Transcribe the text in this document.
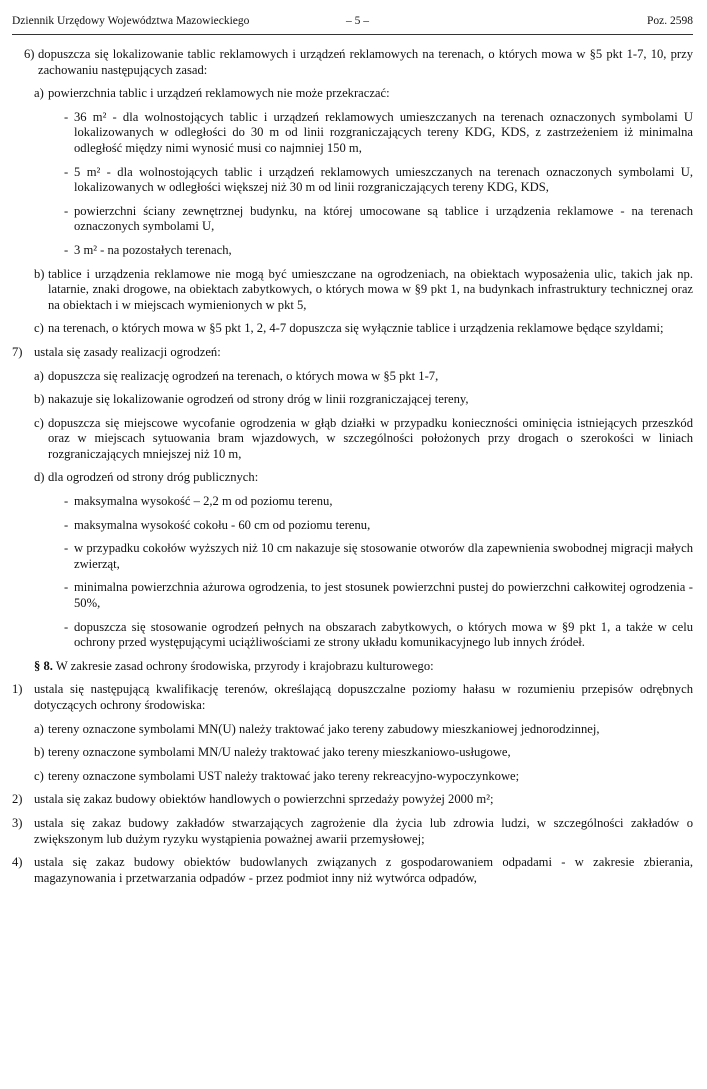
Dziennik Urzędowy Województwa Mazowieckiego	– 5 –	Poz. 2598
6) dopuszcza się lokalizowanie tablic reklamowych i urządzeń reklamowych na terenach, o których mowa w §5 pkt 1-7, 10, przy zachowaniu następujących zasad:
a) powierzchnia tablic i urządzeń reklamowych nie może przekraczać:
- 36 m² - dla wolnostojących tablic i urządzeń reklamowych umieszczanych na terenach oznaczonych symbolami U lokalizowanych w odległości do 30 m od linii rozgraniczających tereny KDG, KDS, z zastrzeżeniem iż minimalna odległość między nimi wynosić musi co najmniej 150 m,
- 5 m² - dla wolnostojących tablic i urządzeń reklamowych umieszczanych na terenach oznaczonych symbolami U, lokalizowanych w odległości większej niż 30 m od linii rozgraniczających tereny KDG, KDS,
- powierzchni ściany zewnętrznej budynku, na której umocowane są tablice i urządzenia reklamowe - na terenach oznaczonych symbolami U,
- 3 m² - na pozostałych terenach,
b) tablice i urządzenia reklamowe nie mogą być umieszczane na ogrodzeniach, na obiektach wyposażenia ulic, takich jak np. latarnie, znaki drogowe, na obiektach zabytkowych, o których mowa w §9 pkt 1, na budynkach infrastruktury technicznej oraz na obiektach i w miejscach wymienionych w pkt 5,
c) na terenach, o których mowa w §5 pkt 1, 2, 4-7 dopuszcza się wyłącznie tablice i urządzenia reklamowe będące szyldami;
7) ustala się zasady realizacji ogrodzeń:
a) dopuszcza się realizację ogrodzeń na terenach, o których mowa w §5 pkt 1-7,
b) nakazuje się lokalizowanie ogrodzeń od strony dróg w linii rozgraniczającej tereny,
c) dopuszcza się miejscowe wycofanie ogrodzenia w głąb działki w przypadku konieczności ominięcia istniejących przeszkód oraz w miejscach sytuowania bram wjazdowych, w szczególności położonych przy drogach o szerokości w liniach rozgraniczających mniejszej niż 10 m,
d) dla ogrodzeń od strony dróg publicznych:
- maksymalna wysokość – 2,2 m od poziomu terenu,
- maksymalna wysokość cokołu - 60 cm od poziomu terenu,
- w przypadku cokołów wyższych niż 10 cm nakazuje się stosowanie otworów dla zapewnienia swobodnej migracji małych zwierząt,
- minimalna powierzchnia ażurowa ogrodzenia, to jest stosunek powierzchni pustej do powierzchni całkowitej ogrodzenia - 50%,
- dopuszcza się stosowanie ogrodzeń pełnych na obszarach zabytkowych, o których mowa w §9 pkt 1, a także w celu ochrony przed występującymi uciążliwościami ze strony układu komunikacyjnego lub innych źródeł.
§ 8. W zakresie zasad ochrony środowiska, przyrody i krajobrazu kulturowego:
1) ustala się następującą kwalifikację terenów, określającą dopuszczalne poziomy hałasu w rozumieniu przepisów odrębnych dotyczących ochrony środowiska:
a) tereny oznaczone symbolami MN(U) należy traktować jako tereny zabudowy mieszkaniowej jednorodzinnej,
b) tereny oznaczone symbolami MN/U należy traktować jako tereny mieszkaniowo-usługowe,
c) tereny oznaczone symbolami UST należy traktować jako tereny rekreacyjno-wypoczynkowe;
2) ustala się zakaz budowy obiektów handlowych o powierzchni sprzedaży powyżej 2000 m²;
3) ustala się zakaz budowy zakładów stwarzających zagrożenie dla życia lub zdrowia ludzi, w szczególności zakładów o zwiększonym lub dużym ryzyku wystąpienia poważnej awarii przemysłowej;
4) ustala się zakaz budowy obiektów budowlanych związanych z gospodarowaniem odpadami - w zakresie zbierania, magazynowania i przetwarzania odpadów - przez podmiot inny niż wytwórca odpadów,
